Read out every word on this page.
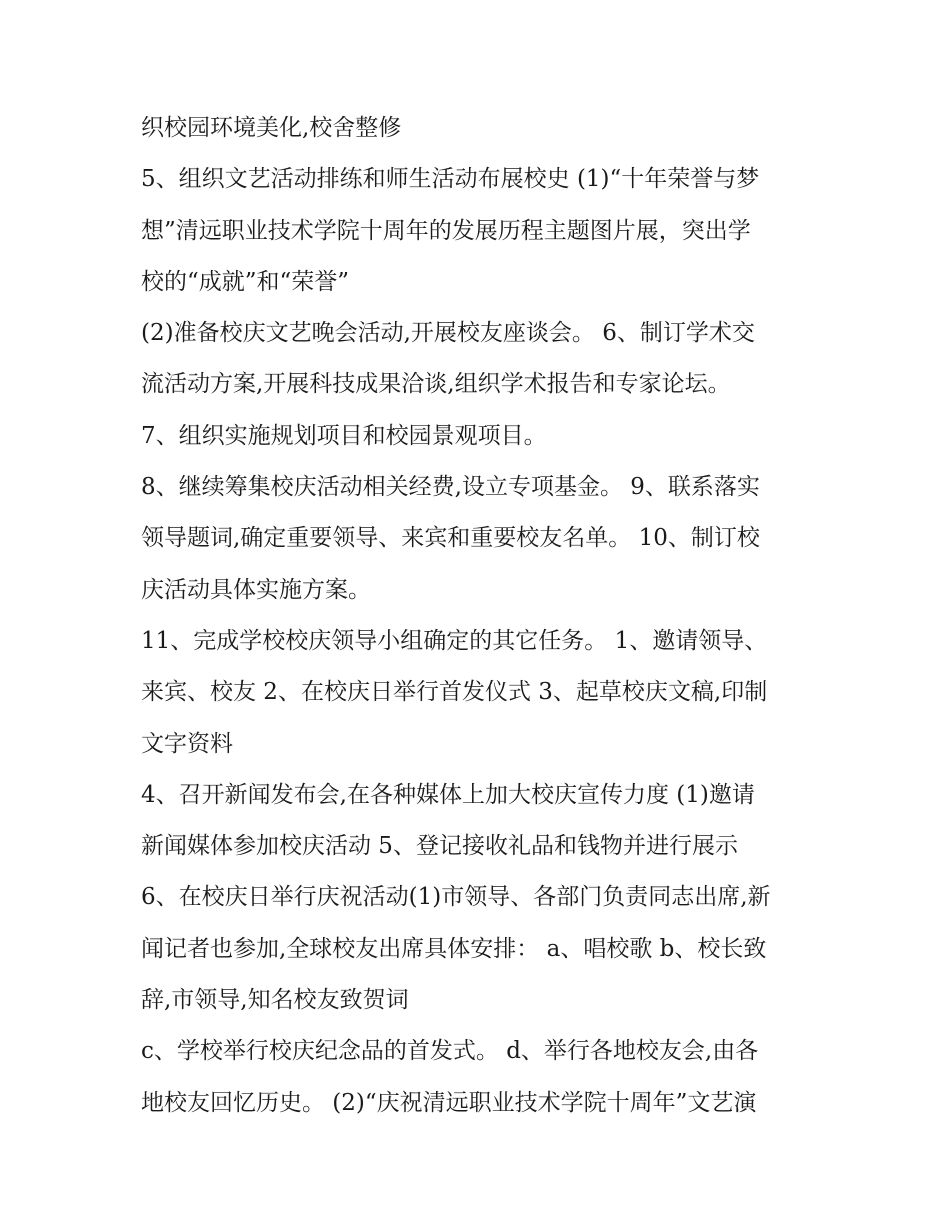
织校园环境美化,校舍整修
5、组织文艺活动排练和师生活动布展校史 (1)“十年荣誉与梦
想”清远职业技术学院十周年的发展历程主题图片展，突出学
校的“成就”和“荣誉”
(2)准备校庆文艺晚会活动,开展校友座谈会。 6、制订学术交
流活动方案,开展科技成果洽谈,组织学术报告和专家论坛。
7、组织实施规划项目和校园景观项目。
8、继续筹集校庆活动相关经费,设立专项基金。 9、联系落实
领导题词,确定重要领导、来宾和重要校友名单。 10、制订校
庆活动具体实施方案。
11、完成学校校庆领导小组确定的其它任务。 1、邀请领导、
来宾、校友 2、在校庆日举行首发仪式 3、起草校庆文稿,印制
文字资料
4、召开新闻发布会,在各种媒体上加大校庆宣传力度 (1)邀请
新闻媒体参加校庆活动 5、登记接收礼品和钱物并进行展示
6、在校庆日举行庆祝活动(1)市领导、各部门负责同志出席,新
闻记者也参加,全球校友出席具体安排： a、唱校歌 b、校长致
辞,市领导,知名校友致贺词
c、学校举行校庆纪念品的首发式。 d、举行各地校友会,由各
地校友回忆历史。 (2)“庆祝清远职业技术学院十周年”文艺演
